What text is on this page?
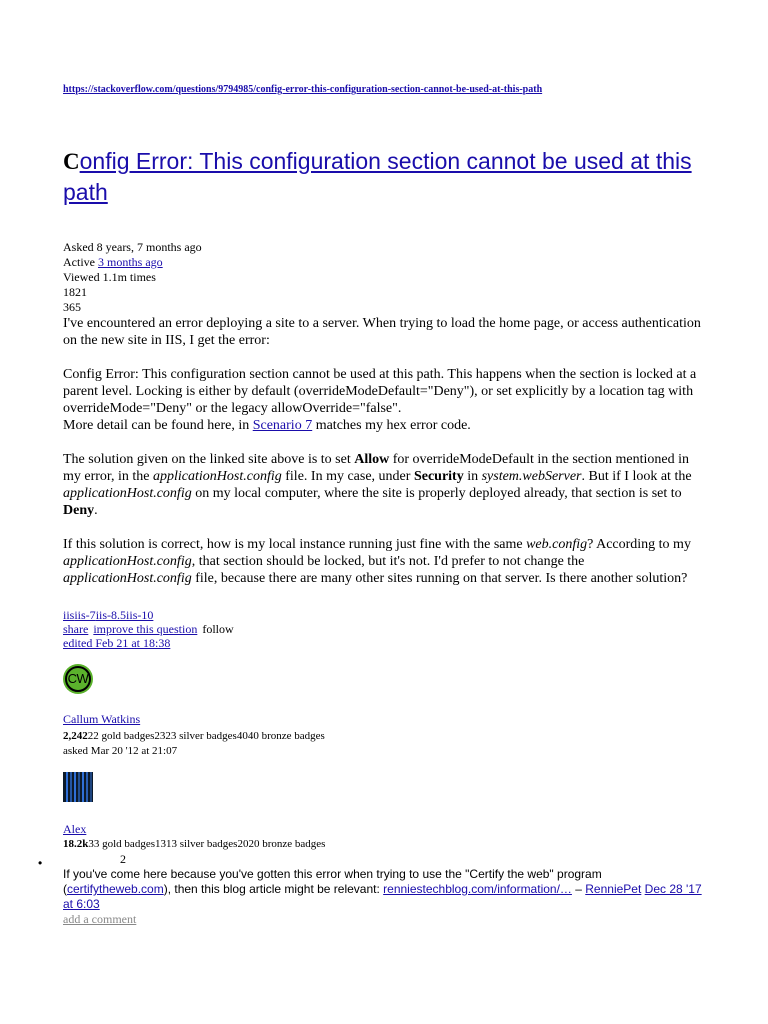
https://stackoverflow.com/questions/9794985/config-error-this-configuration-section-cannot-be-used-at-this-path
Config Error: This configuration section cannot be used at this path
Asked 8 years, 7 months ago
Active 3 months ago
Viewed 1.1m times
1821
365

I've encountered an error deploying a site to a server. When trying to load the home page, or access authentication on the new site in IIS, I get the error:

Config Error: This configuration section cannot be used at this path. This happens when the section is locked at a parent level. Locking is either by default (overrideModeDefault="Deny"), or set explicitly by a location tag with overrideMode="Deny" or the legacy allowOverride="false".

More detail can be found here, in Scenario 7 matches my hex error code.

The solution given on the linked site above is to set Allow for overrideModeDefault in the section mentioned in my error, in the applicationHost.config file. In my case, under Security in system.webServer. But if I look at the applicationHost.config on my local computer, where the site is properly deployed already, that section is set to Deny.

If this solution is correct, how is my local instance running just fine with the same web.config? According to my applicationHost.config, that section should be locked, but it's not. I'd prefer to not change the applicationHost.config file, because there are many other sites running on that server. Is there another solution?

iisiis-7iis-8.5iis-10
share improve this question follow
edited Feb 21 at 18:38
CW
Callum Watkins
2,24222 gold badges2323 silver badges4040 bronze badges
asked Mar 20 '12 at 21:07
Alex
18.2k33 gold badges1313 silver badges2020 bronze badges
•	2
If you've come here because you've gotten this error when trying to use the "Certify the web" program (certifytheweb.com), then this blog article might be relevant: renniestechblog.com/information/… – RenniePet Dec 28 '17 at 6:03
add a comment
